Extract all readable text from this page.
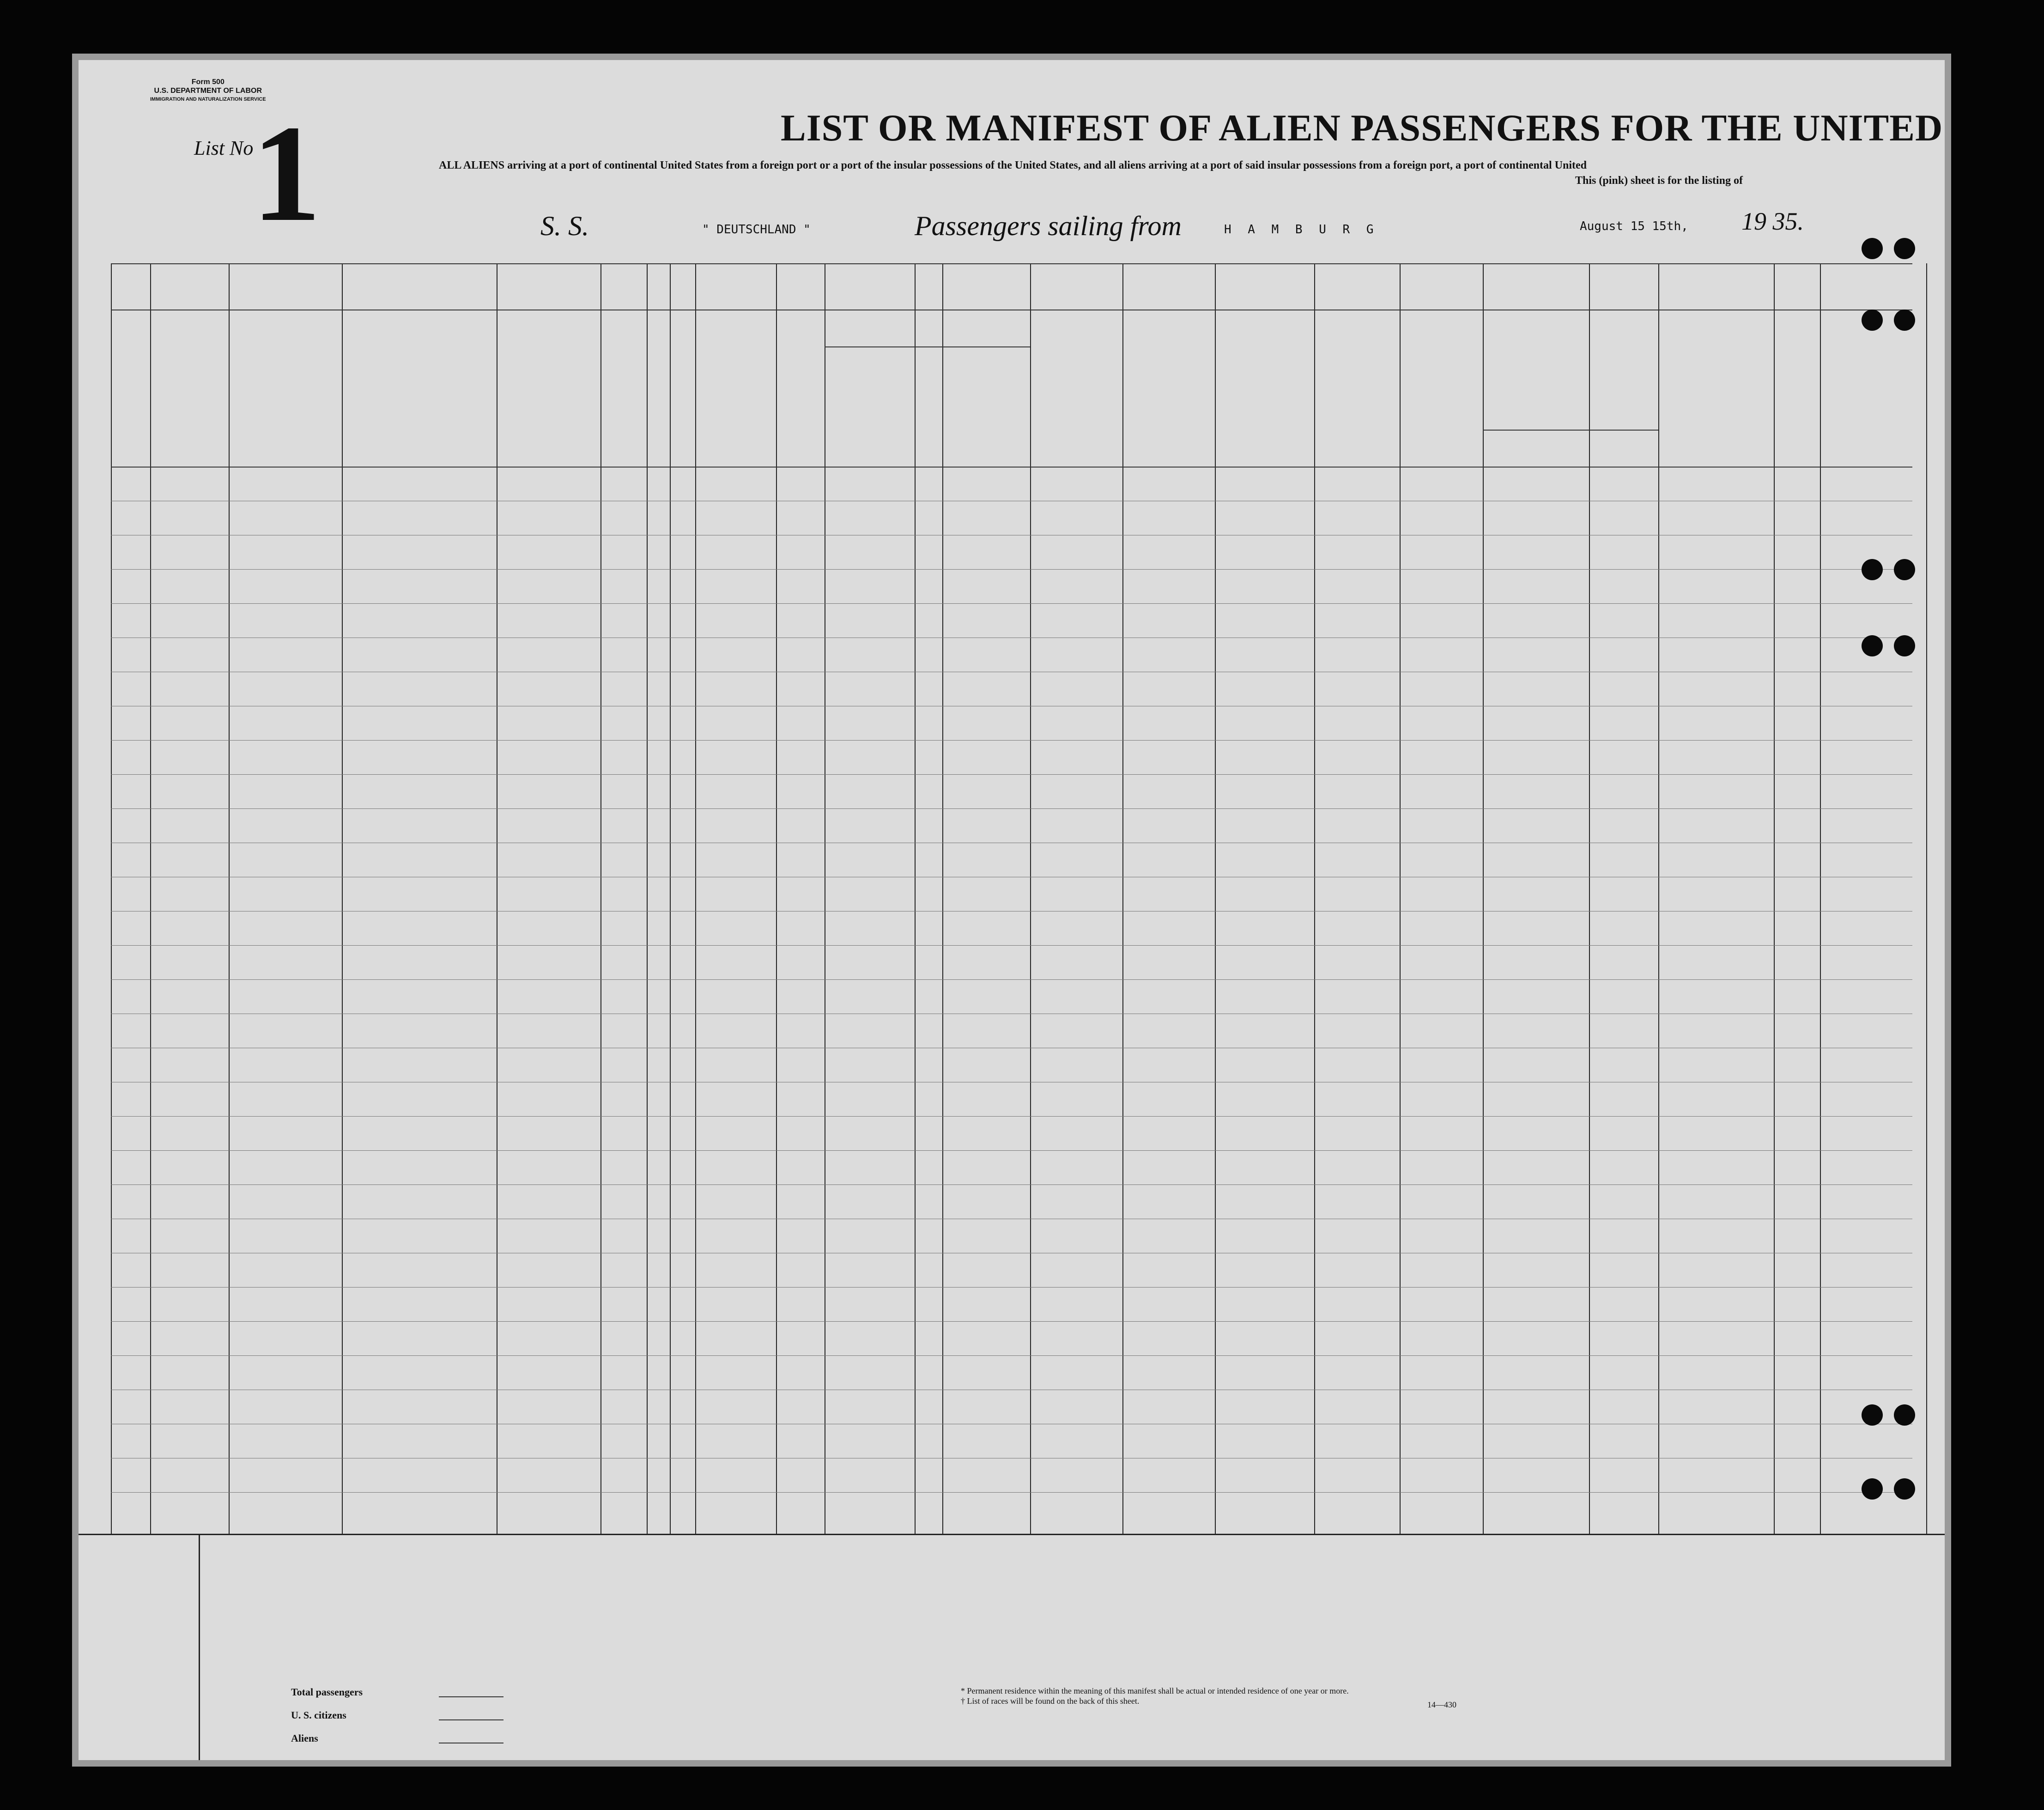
Form 500
U.S. DEPARTMENT OF LABOR
IMMIGRATION AND NATURALIZATION SERVICE
List No
1	LIST OR MANIFEST OF ALIEN PASSENGERS FOR THE UNITED
ALL ALIENS arriving at a port of continental United States from a foreign port or a port of the insular possessions of the United States, and all aliens arriving at a port of said insular possessions from a foreign port, a port of continental United
This (pink) sheet is for the listing of
S. S.	" DEUTSCHLAND "	Passengers sailing from	H A M B U R G	August 15 15th, 19 35.
Total passengers
U. S. citizens
Aliens
* Permanent residence within the meaning of this manifest shall be actual or intended residence of one year or more.
† List of races will be found on the back of this sheet.	14—430
